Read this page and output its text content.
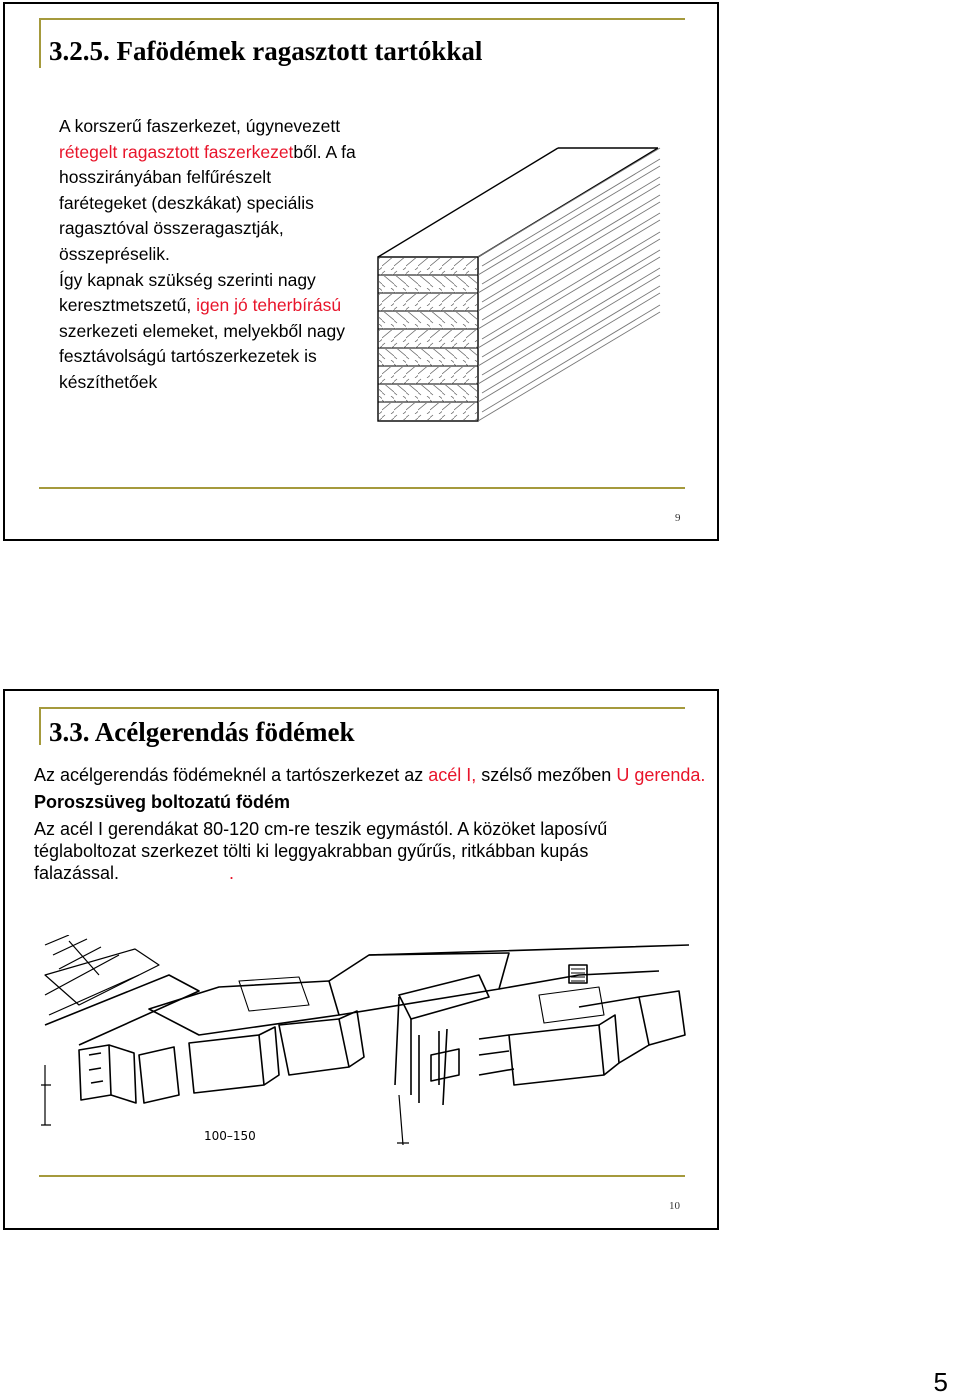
3.2.5. Fafödémek ragasztott tartókkal

A korszerű faszerkezet, úgynevezett rétegelt ragasztott faszerkezetből. A fa hosszirányában felfűrészelt farétegeket (deszkákat) speciális ragasztóval összeragasztják, összepréselik.

Így kapnak szükség szerinti nagy keresztmetszetű, igen jó teherbírású szerkezeti elemeket, melyekből nagy fesztávolságú tartószerkezetek is készíthetőek

9
3.3. Acélgerendás födémek
100–150
10

Az acélgerendás födémeknél a tartószerkezet az acél I, szélső mezőben U gerenda.

Poroszsüveg boltozatú födém

Az acél I gerendákat 80-120 cm-re teszik egymástól. A közöket laposívű téglaboltozat szerkezet tölti ki leggyakrabban gyűrűs, ritkábban kupás falazással.	.

5
